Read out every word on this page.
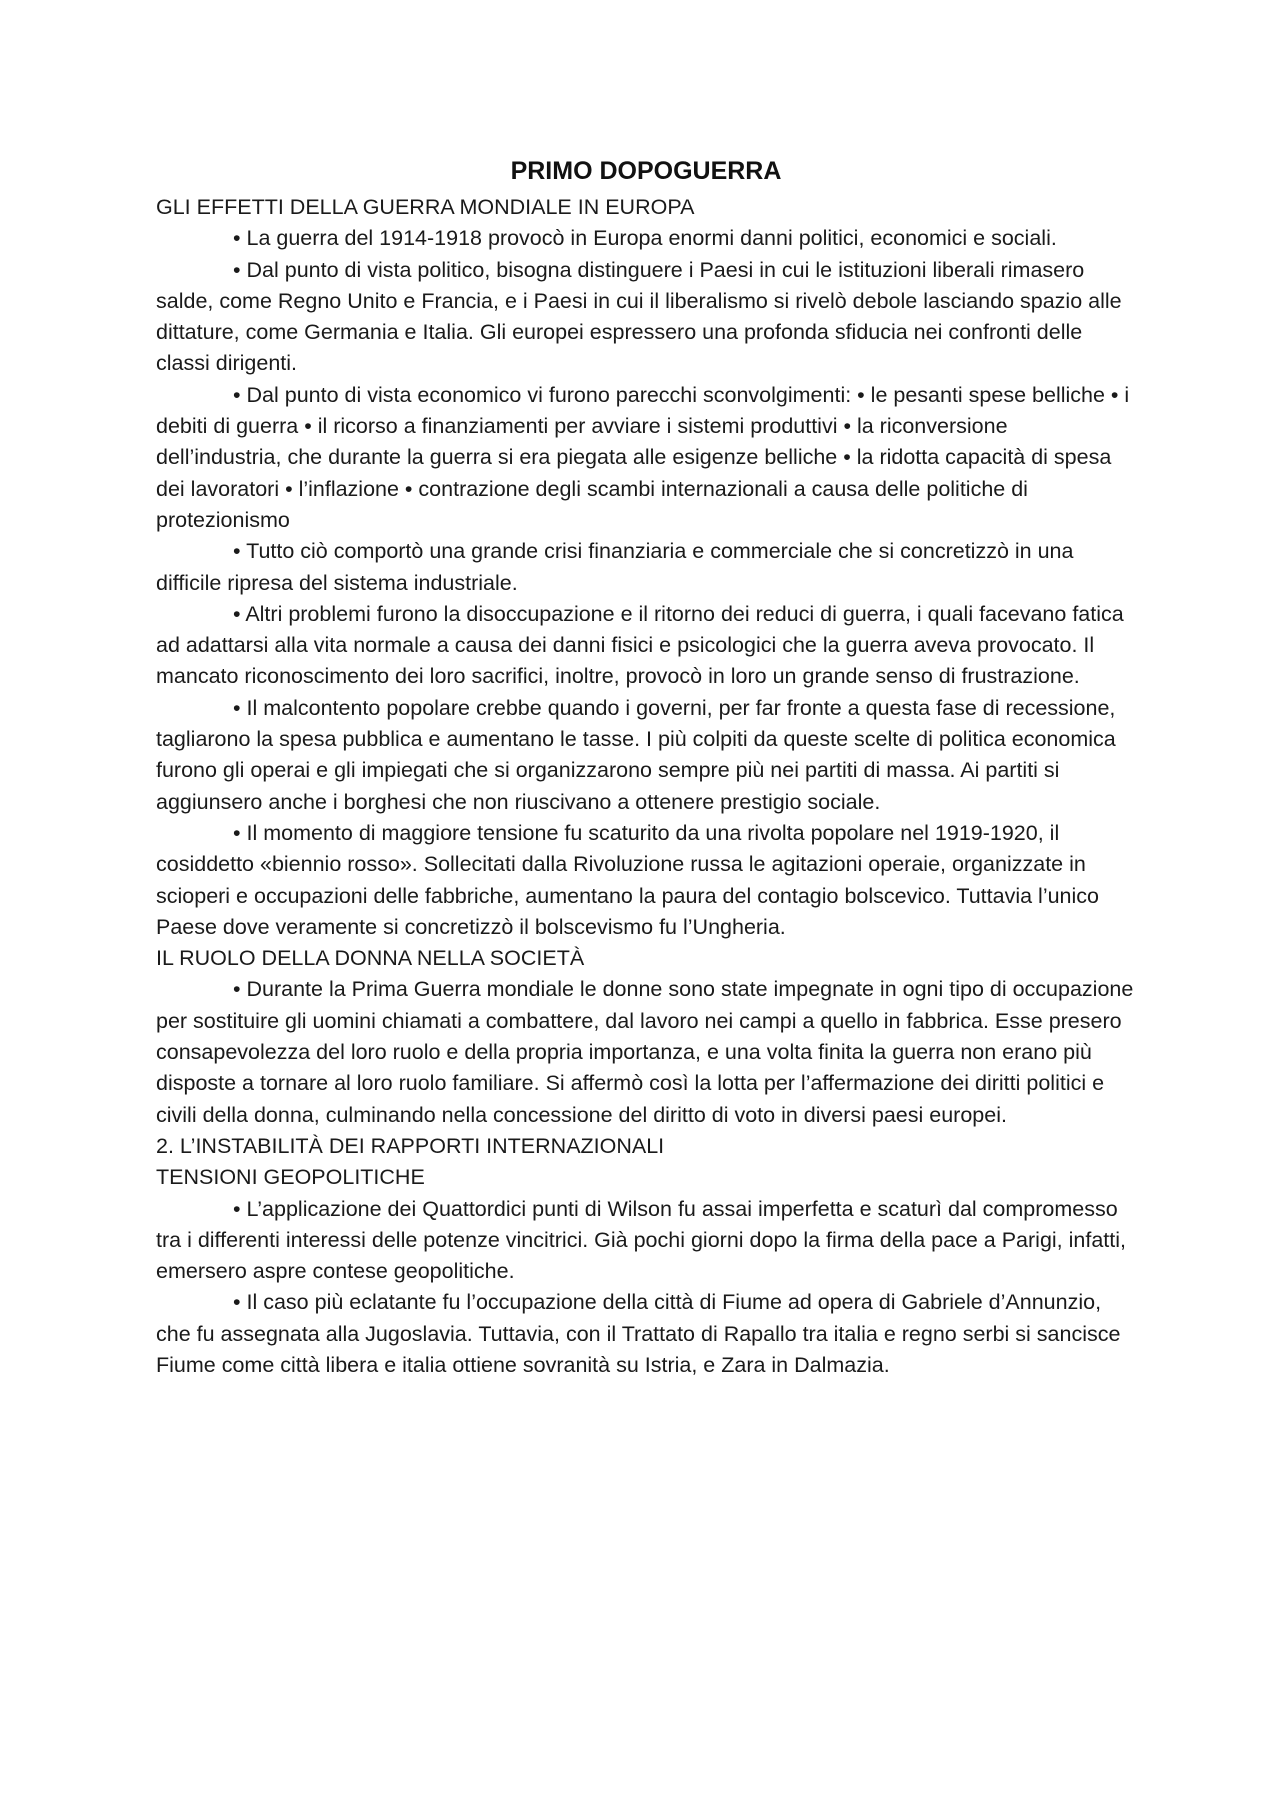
PRIMO DOPOGUERRA
GLI EFFETTI DELLA GUERRA MONDIALE IN EUROPA

• La guerra del 1914-1918 provocò in Europa enormi danni politici, economici e sociali.

• Dal punto di vista politico, bisogna distinguere i Paesi in cui le istituzioni liberali rimasero salde, come Regno Unito e Francia, e i Paesi in cui il liberalismo si rivelò debole lasciando spazio alle dittature, come Germania e Italia. Gli europei espressero una profonda sfiducia nei confronti delle classi dirigenti.

• Dal punto di vista economico vi furono parecchi sconvolgimenti: • le pesanti spese belliche • i debiti di guerra • il ricorso a finanziamenti per avviare i sistemi produttivi • la riconversione dell’industria, che durante la guerra si era piegata alle esigenze belliche • la ridotta capacità di spesa dei lavoratori • l’inflazione • contrazione degli scambi internazionali a causa delle politiche di protezionismo

• Tutto ciò comportò una grande crisi finanziaria e commerciale che si concretizzò in una difficile ripresa del sistema industriale.

• Altri problemi furono la disoccupazione e il ritorno dei reduci di guerra, i quali facevano fatica ad adattarsi alla vita normale a causa dei danni fisici e psicologici che la guerra aveva provocato. Il mancato riconoscimento dei loro sacrifici, inoltre, provocò in loro un grande senso di frustrazione.

• Il malcontento popolare crebbe quando i governi, per far fronte a questa fase di recessione, tagliarono la spesa pubblica e aumentano le tasse. I più colpiti da queste scelte di politica economica furono gli operai e gli impiegati che si organizzarono sempre più nei partiti di massa. Ai partiti si aggiunsero anche i borghesi che non riuscivano a ottenere prestigio sociale.

• Il momento di maggiore tensione fu scaturito da una rivolta popolare nel 1919-1920, il cosiddetto «biennio rosso». Sollecitati dalla Rivoluzione russa le agitazioni operaie, organizzate in scioperi e occupazioni delle fabbriche, aumentano la paura del contagio bolscevico. Tuttavia l’unico Paese dove veramente si concretizzò il bolscevismo fu l’Ungheria.

IL RUOLO DELLA DONNA NELLA SOCIETÀ

• Durante la Prima Guerra mondiale le donne sono state impegnate in ogni tipo di occupazione per sostituire gli uomini chiamati a combattere, dal lavoro nei campi a quello in fabbrica. Esse presero consapevolezza del loro ruolo e della propria importanza, e una volta finita la guerra non erano più disposte a tornare al loro ruolo familiare. Si affermò così la lotta per l’affermazione dei diritti politici e civili della donna, culminando nella concessione del diritto di voto in diversi paesi europei.

2. L’INSTABILITÀ DEI RAPPORTI INTERNAZIONALI
TENSIONI GEOPOLITICHE

• L’applicazione dei Quattordici punti di Wilson fu assai imperfetta e scaturì dal compromesso tra i differenti interessi delle potenze vincitrici. Già pochi giorni dopo la firma della pace a Parigi, infatti, emersero aspre contese geopolitiche.

• Il caso più eclatante fu l’occupazione della città di Fiume ad opera di Gabriele d’Annunzio, che fu assegnata alla Jugoslavia. Tuttavia, con il Trattato di Rapallo tra italia e regno serbi si sancisce Fiume come città libera e italia ottiene sovranità su Istria, e Zara in Dalmazia.
